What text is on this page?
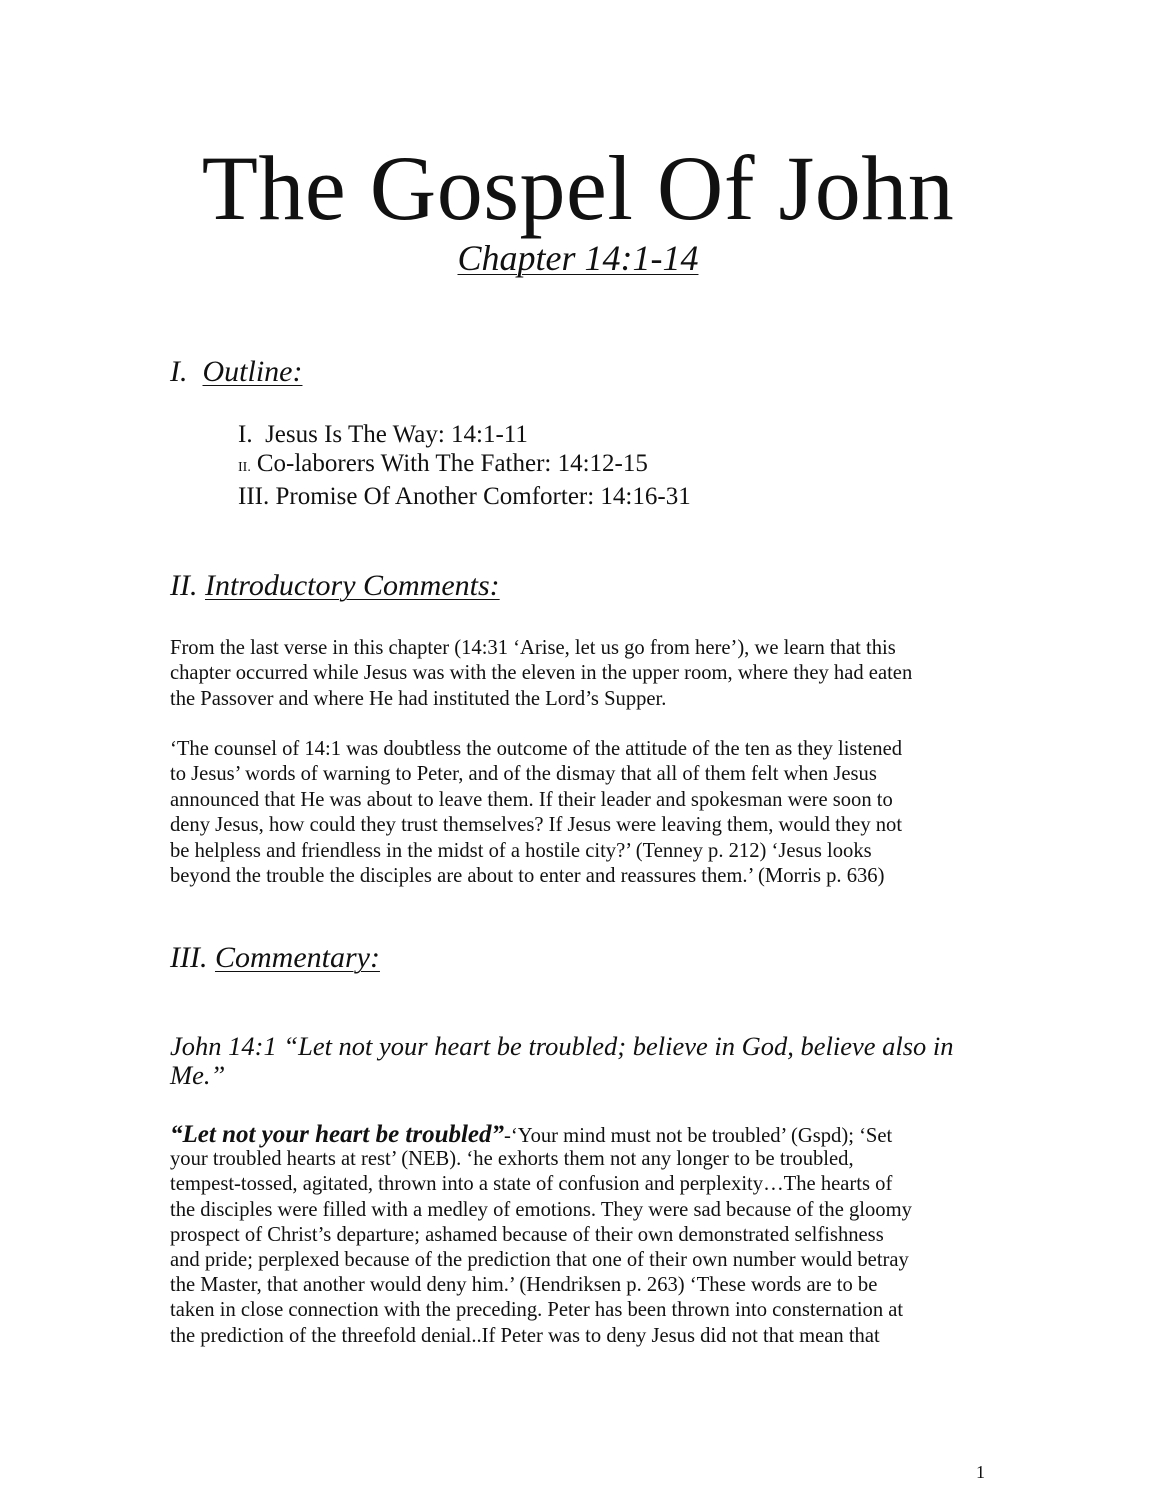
The Gospel Of John
Chapter 14:1-14
I. Outline:
I. Jesus Is The Way: 14:1-11
II. Co-laborers With The Father: 14:12-15
III. Promise Of Another Comforter: 14:16-31
II. Introductory Comments:
From the last verse in this chapter (14:31 ‘Arise, let us go from here’), we learn that this
chapter occurred while Jesus was with the eleven in the upper room, where they had eaten
the Passover and where He had instituted the Lord’s Supper.
‘The counsel of 14:1 was doubtless the outcome of the attitude of the ten as they listened
to Jesus’ words of warning to Peter, and of the dismay that all of them felt when Jesus
announced that He was about to leave them. If their leader and spokesman were soon to
deny Jesus, how could they trust themselves? If Jesus were leaving them, would they not
be helpless and friendless in the midst of a hostile city?’ (Tenney p. 212) ‘Jesus looks
beyond the trouble the disciples are about to enter and reassures them.’ (Morris p. 636)
III. Commentary:
John 14:1 “Let not your heart be troubled; believe in God, believe also in
Me.”
“Let not your heart be troubled”-‘Your mind must not be troubled’ (Gspd); ‘Set
your troubled hearts at rest’ (NEB). ‘he exhorts them not any longer to be troubled,
tempest-tossed, agitated, thrown into a state of confusion and perplexity…The hearts of
the disciples were filled with a medley of emotions. They were sad because of the gloomy
prospect of Christ’s departure; ashamed because of their own demonstrated selfishness
and pride; perplexed because of the prediction that one of their own number would betray
the Master, that another would deny him.’ (Hendriksen p. 263) ‘These words are to be
taken in close connection with the preceding. Peter has been thrown into consternation at
the prediction of the threefold denial..If Peter was to deny Jesus did not that mean that
1
